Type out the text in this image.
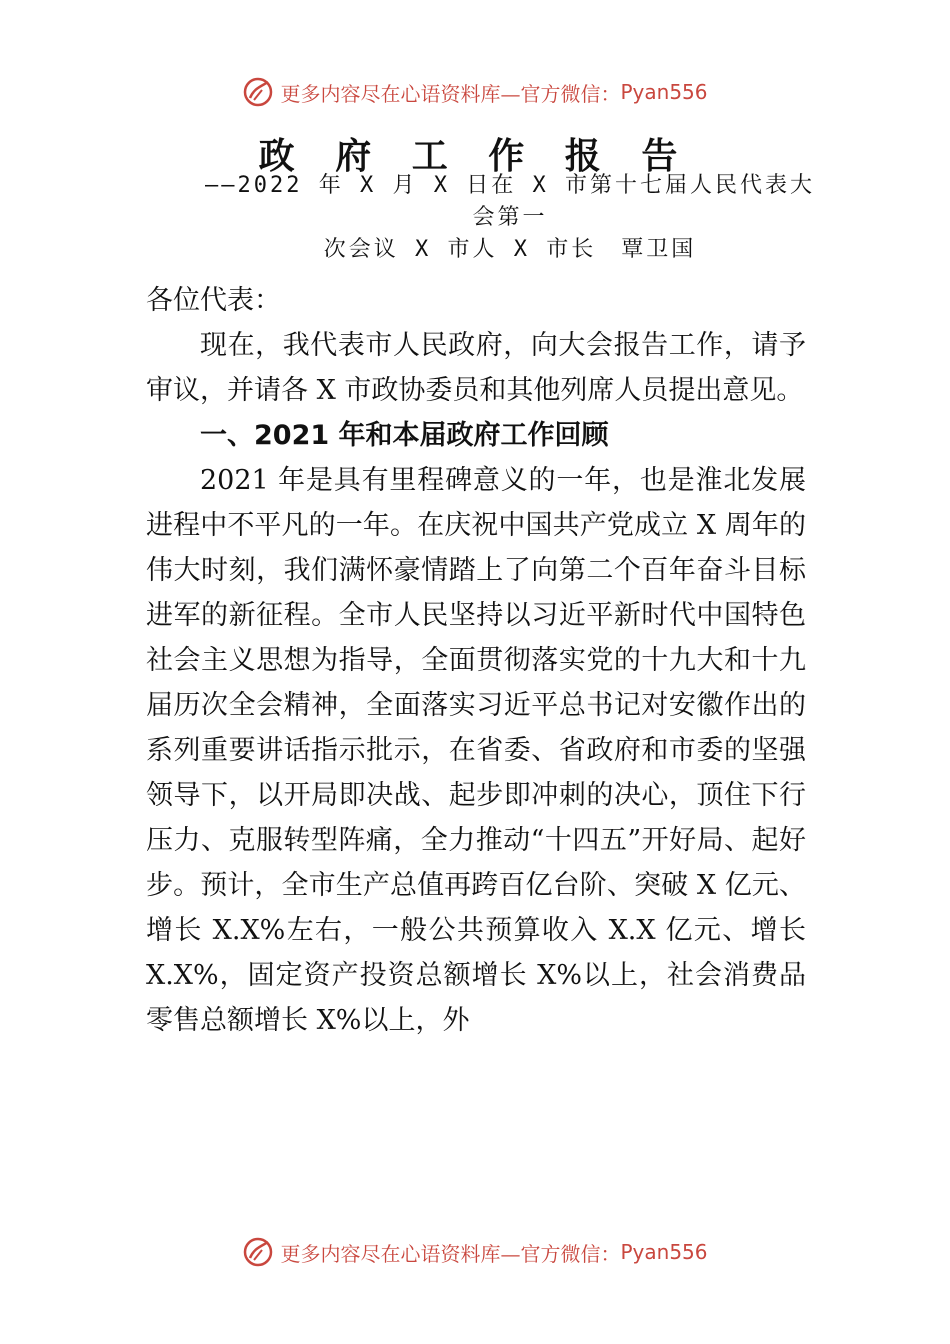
更多内容尽在心语资料库—官方微信： Pyan556
政 府 工 作 报 告
——2022 年 X 月 X 日在 X 市第十七届人民代表大会第一
次会议 X 市人 X 市长　覃卫国

各位代表：

现在，我代表市人民政府，向大会报告工作，请予审议，并请各 X 市政协委员和其他列席人员提出意见。

一、2021 年和本届政府工作回顾

2021 年是具有里程碑意义的一年，也是淮北发展进程中不平凡的一年。在庆祝中国共产党成立 X 周年的伟大时刻，我们满怀豪情踏上了向第二个百年奋斗目标进军的新征程。全市人民坚持以习近平新时代中国特色社会主义思想为指导，全面贯彻落实党的十九大和十九届历次全会精神，全面落实习近平总书记对安徽作出的系列重要讲话指示批示，在省委、省政府和市委的坚强领导下，以开局即决战、起步即冲刺的决心，顶住下行压力、克服转型阵痛，全力推动“十四五”开好局、起好步。预计，全市生产总值再跨百亿台阶、突破 X 亿元、增长 X.X%左右，一般公共预算收入 X.X 亿元、增长 X.X%，固定资产投资总额增长 X%以上，社会消费品零售总额增长 X%以上，外

更多内容尽在心语资料库—官方微信： Pyan556
